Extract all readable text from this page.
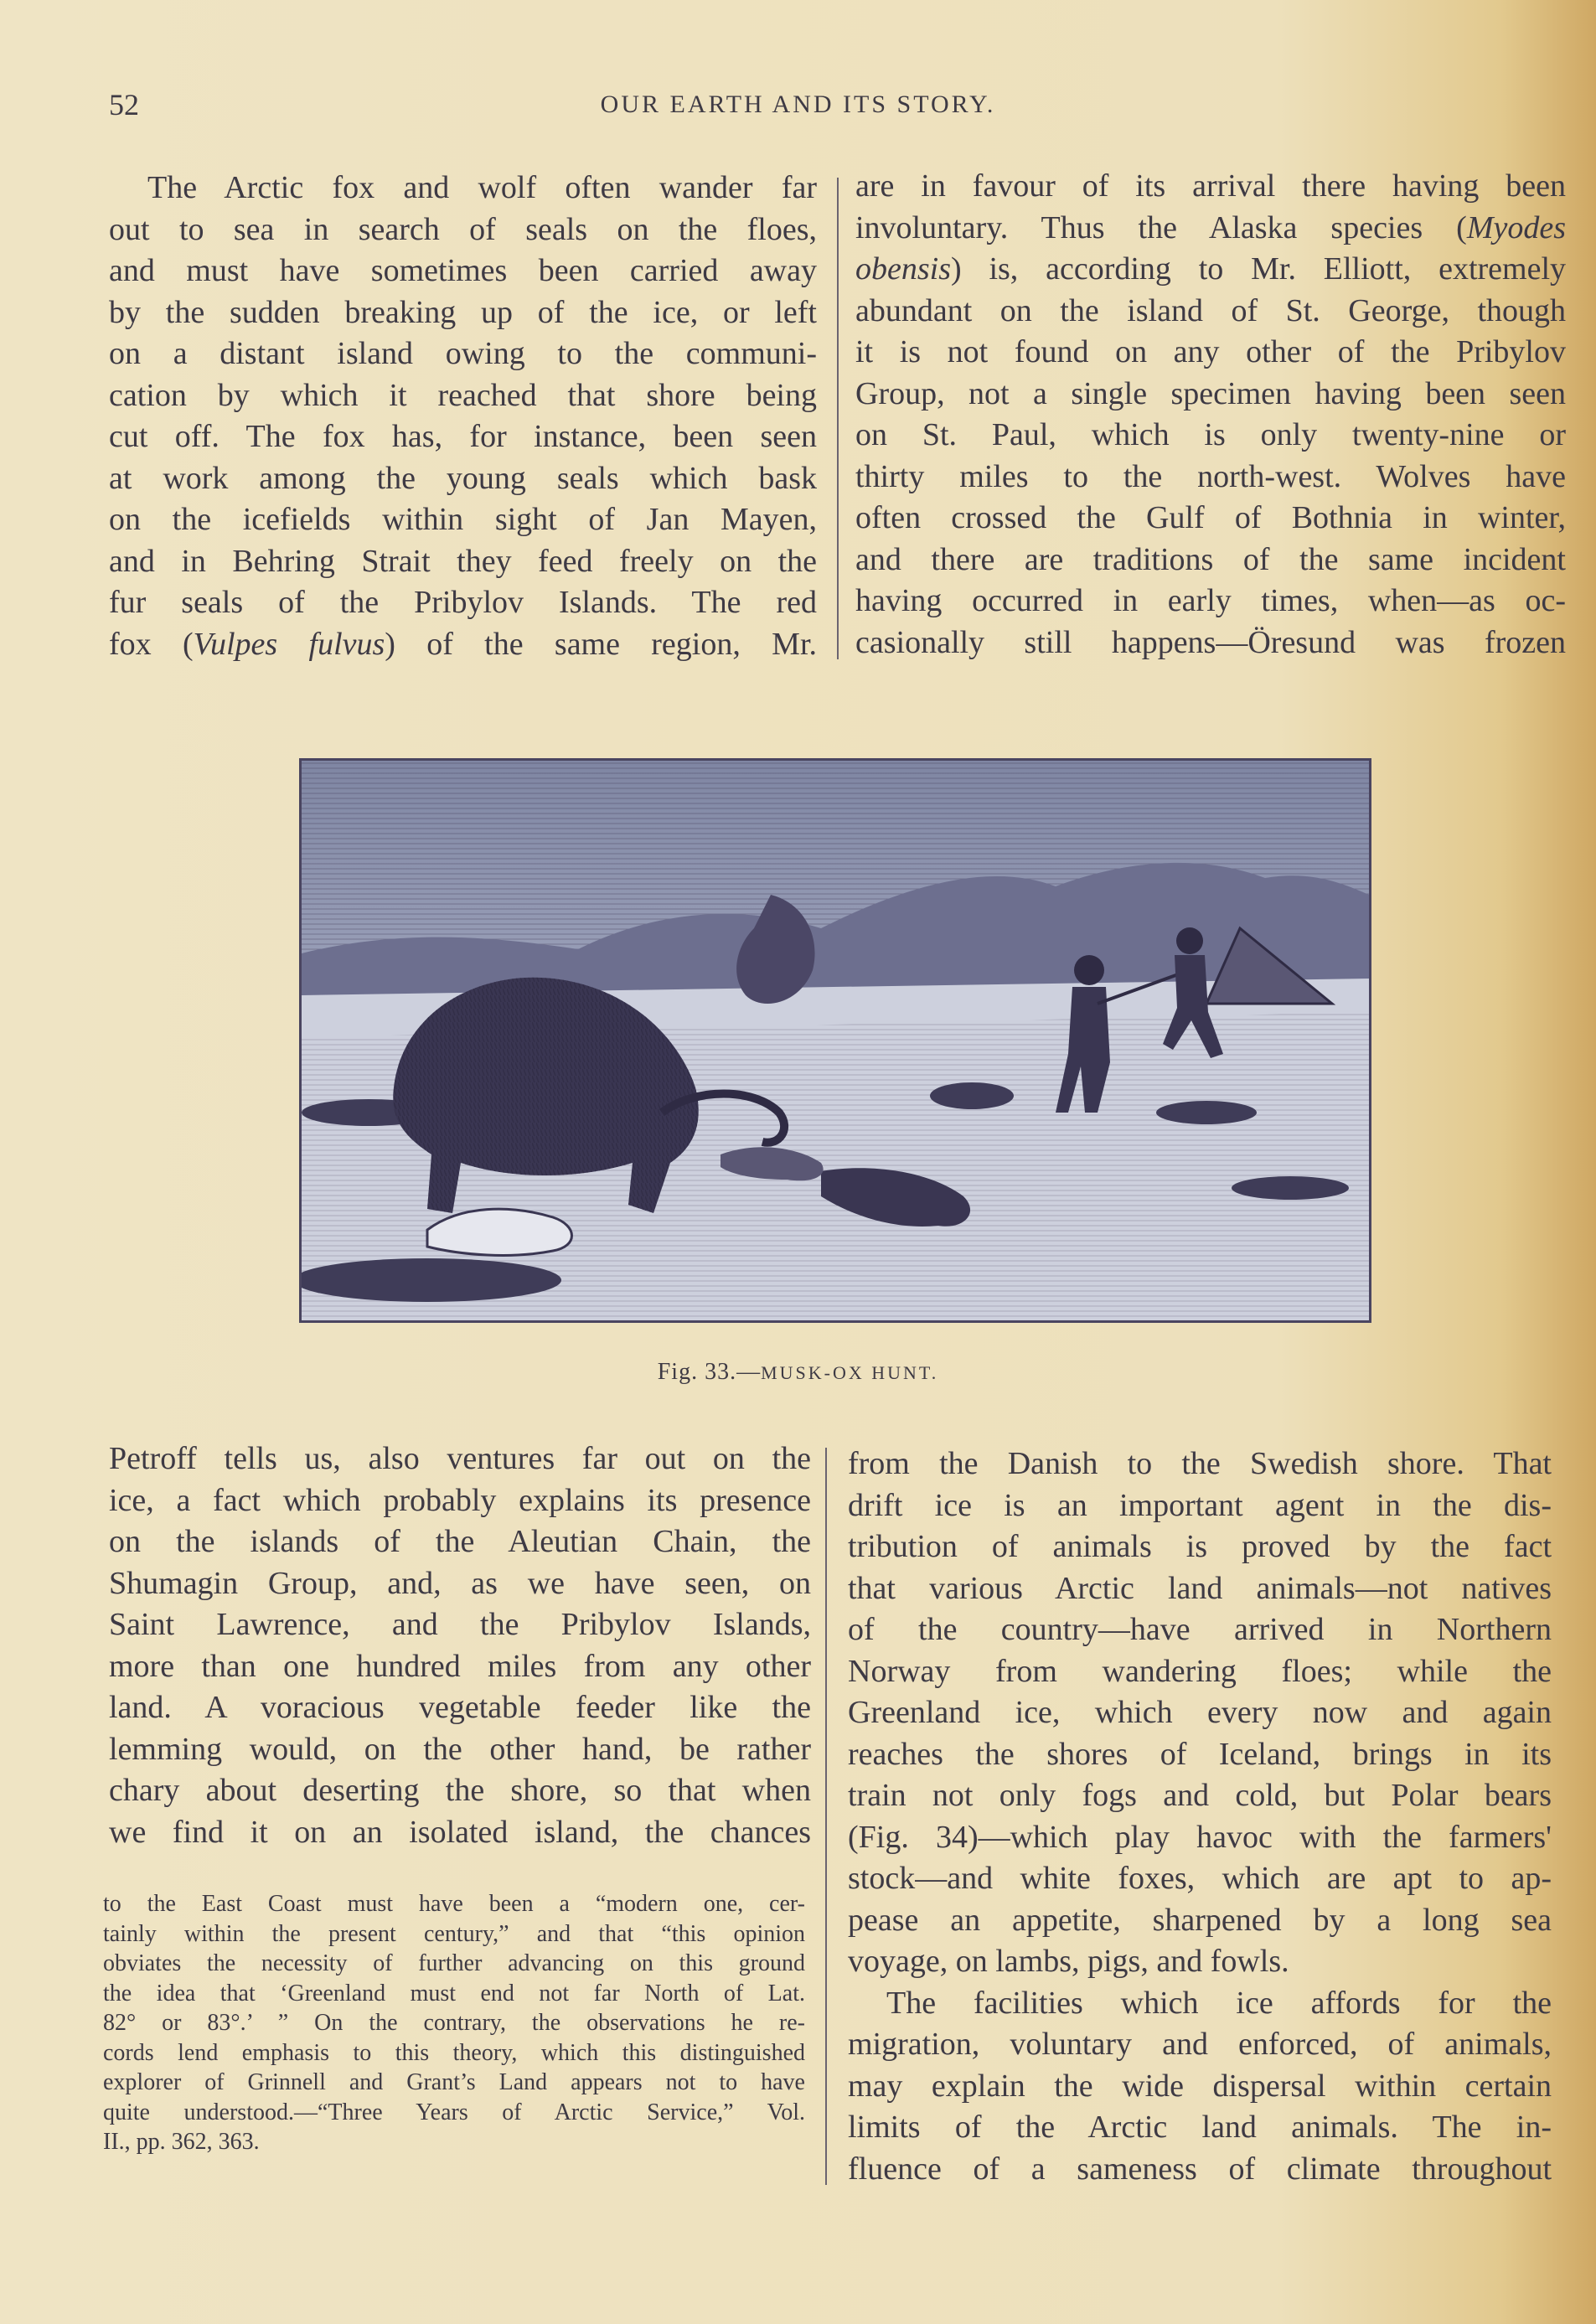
52	OUR EARTH AND ITS STORY.
The Arctic fox and wolf often wander far
out to sea in search of seals on the floes,
and must have sometimes been carried away
by the sudden breaking up of the ice, or left
on a distant island owing to the communi-
cation by which it reached that shore being
cut off. The fox has, for instance, been seen
at work among the young seals which bask
on the icefields within sight of Jan Mayen,
and in Behring Strait they feed freely on the
fur seals of the Pribylov Islands. The red
fox (Vulpes fulvus) of the same region, Mr.
are in favour of its arrival there having been
involuntary. Thus the Alaska species (Myodes
obensis) is, according to Mr. Elliott, extremely
abundant on the island of St. George, though
it is not found on any other of the Pribylov
Group, not a single specimen having been seen
on St. Paul, which is only twenty-nine or
thirty miles to the north-west. Wolves have
often crossed the Gulf of Bothnia in winter,
and there are traditions of the same incident
having occurred in early times, when—as oc-
casionally still happens—Öresund was frozen
Fig. 33.—MUSK-OX HUNT.
Petroff tells us, also ventures far out on the
ice, a fact which probably explains its presence
on the islands of the Aleutian Chain, the
Shumagin Group, and, as we have seen, on
Saint Lawrence, and the Pribylov Islands,
more than one hundred miles from any other
land. A voracious vegetable feeder like the
lemming would, on the other hand, be rather
chary about deserting the shore, so that when
we find it on an isolated island, the chances
to the East Coast must have been a “modern one, cer-
tainly within the present century,” and that “this opinion
obviates the necessity of further advancing on this ground
the idea that ‘Greenland must end not far North of Lat.
82° or 83°.’ ” On the contrary, the observations he re-
cords lend emphasis to this theory, which this distinguished
explorer of Grinnell and Grant’s Land appears not to have
quite understood.—“Three Years of Arctic Service,” Vol.
II., pp. 362, 363.
from the Danish to the Swedish shore. That
drift ice is an important agent in the dis-
tribution of animals is proved by the fact
that various Arctic land animals—not natives
of the country—have arrived in Northern
Norway from wandering floes; while the
Greenland ice, which every now and again
reaches the shores of Iceland, brings in its
train not only fogs and cold, but Polar bears
(Fig. 34)—which play havoc with the farmers'
stock—and white foxes, which are apt to ap-
pease an appetite, sharpened by a long sea
voyage, on lambs, pigs, and fowls.
The facilities which ice affords for the
migration, voluntary and enforced, of animals,
may explain the wide dispersal within certain
limits of the Arctic land animals. The in-
fluence of a sameness of climate throughout
